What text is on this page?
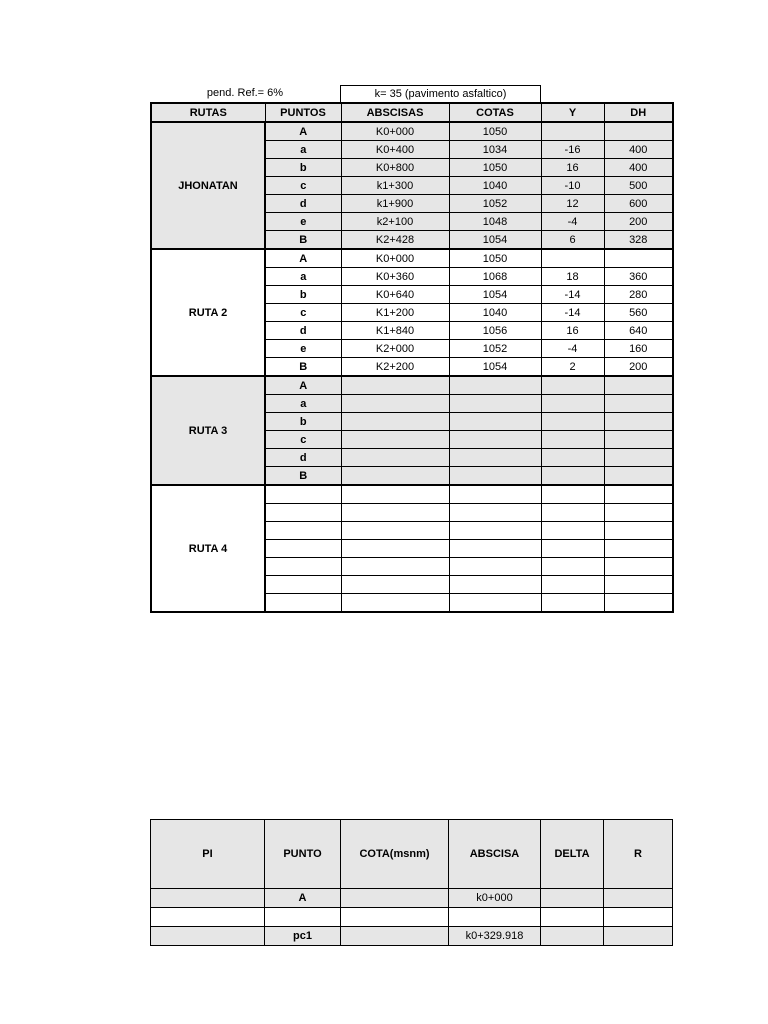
pend. Ref.= 6%	k= 35 (pavimento asfaltico)
RUTAS	PUNTOS	ABSCISAS	COTAS	Y	DH
JHONATAN	A	K0+000	1050		
	a	K0+400	1034	-16	400
	b	K0+800	1050	16	400
	c	k1+300	1040	-10	500
	d	k1+900	1052	12	600
	e	k2+100	1048	-4	200
	B	K2+428	1054	6	328
RUTA 2	A	K0+000	1050		
	a	K0+360	1068	18	360
	b	K0+640	1054	-14	280
	c	K1+200	1040	-14	560
	d	K1+840	1056	16	640
	e	K2+000	1052	-4	160
	B	K2+200	1054	2	200
RUTA 3	A				
	a				
	b				
	c				
	d				
	B				
RUTA 4					

PI	PUNTO	COTA(msnm)	ABSCISA	DELTA	R
	A		k0+000		

	pc1		k0+329.918		
